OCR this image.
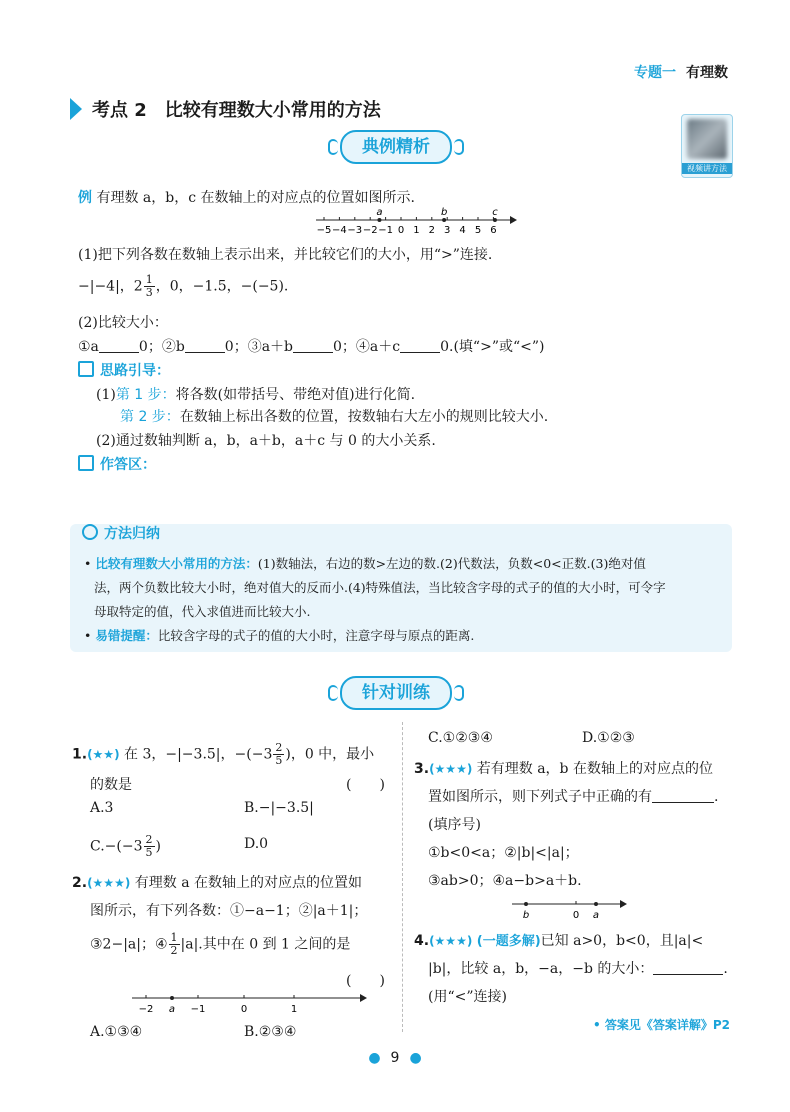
专题一 有理数
考点 2　比较有理数大小常用的方法
视频讲方法
典例精析
例 有理数 a，b，c 在数轴上的对应点的位置如图所示.
−5 −4 −3 −2 −1 0 1 2 3 4 5 6
a	b	c
(1)把下列各数在数轴上表示出来，并比较它们的大小，用“>”连接.
−|−4|，$2 \frac{1}{3}$ ，0，−1.5，−(−5).
(2)比较大小：
①a	0；②b	0；③a＋b	0；④a＋c	0.(填“>”或“<”)
思路引导：
(1)第 1 步：将各数(如带括号、带绝对值)进行化简.
第 2 步：在数轴上标出各数的位置，按数轴右大左小的规则比较大小.
(2)通过数轴判断 a，b，a＋b，a＋c 与 0 的大小关系.
作答区：
方法归纳
• 比较有理数大小常用的方法：(1)数轴法，右边的数>左边的数.(2)代数法，负数<0<正数.(3)绝对值
法，两个负数比较大小时，绝对值大的反而小.(4)特殊值法，当比较含字母的式子的值的大小时，可令字
母取特定的值，代入求值进而比较大小.
• 易错提醒：比较含字母的式子的值的大小时，注意字母与原点的距离.
针对训练
1.(★★) 在 3，−|−3.5|，$-(-3 \frac{2}{5}$ )，0 中，最小
的数是	(　　)
A.3	B.−|−3.5|
$C.-(-3 \frac{2}{5}$ )	D.0
2.(★★★) 有理数 a 在数轴上的对应点的位置如
图所示，有下列各数：①−a−1；②|a＋1|；
③2−|a|；④ $\frac{1}{2} |a|$.其中在 0 到 1 之间的是
(　　)
−2 a −1	0	1
A.①③④	B.②③④
C.①②③④	D.①②③
3.(★★★) 若有理数 a，b 在数轴上的对应点的位
置如图所示，则下列式子中正确的有	.
(填序号)
①b<0<a；②|b|<|a|；
③ab>0；④a−b>a＋b.
b	0 a
4.(★★★) (一题多解)已知 a>0，b<0，且|a|<
|b|，比较 a，b，−a，−b 的大小：	.
(用“<”连接)
• 答案见《答案详解》P2
● 9 ●
